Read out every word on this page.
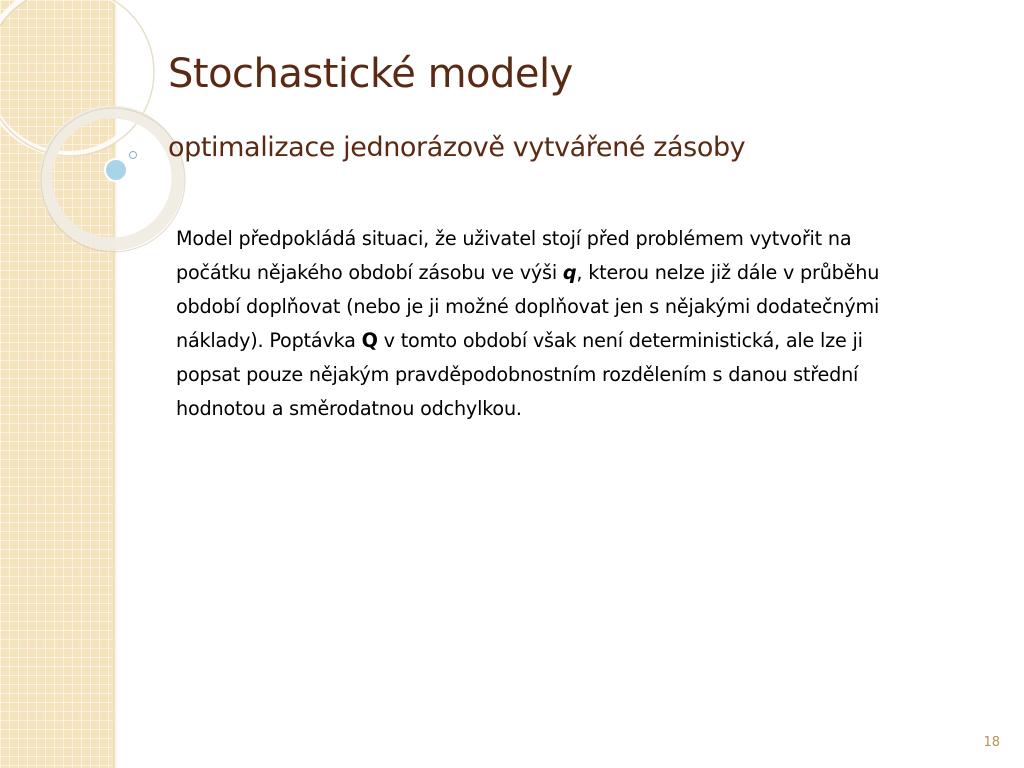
Stochastické modely
optimalizace jednorázově vytvářené zásoby

Model předpokládá situaci, že uživatel stojí před problémem vytvořit na počátku nějakého období zásobu ve výši q, kterou nelze již dále v průběhu období doplňovat (nebo je ji možné doplňovat jen s nějakými dodatečnými náklady). Poptávka Q v tomto období však není deterministická, ale lze ji popsat pouze nějakým pravděpodobnostním rozdělením s danou střední hodnotou a směrodatnou odchylkou.

18
